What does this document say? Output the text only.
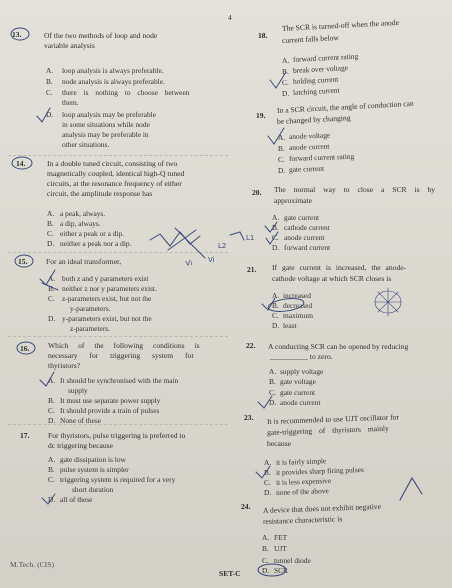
4
M.Tech. (CIS)
SET-C
13.	Of the two methods of loop and node
variable analysis
A. loop analysis is always preferable.
B. node analysis is always preferable.
C. there is nothing to choose between
them.
D. loop analysis may be preferable
in some situations while node
analysis may be preferable in
other situations.
14.	In a double tuned circuit, consisting of two
magnetically coupled, identical high-Q tuned
circuits, at the resonance frequency of either
circuit, the amplitude response has
A. a peak, always.
B. a dip, always.
C. either a peak or a dip.
D. neither a peak nor a dip.
15. For an ideal transformer,
A. both z and y parameters exist
B. neither z nor y parameters exist.
C. z-parameters exist, but not the
y-parameters.
D. y-parameters exist, but not the
z-parameters.
16. Which of the following conditions is
necessary for triggering system for
thyristors?
A. It should be synchronised with the main
supply
B. It must use separate power supply
C. It should provide a train of pulses
D. None of these
17. For thyristors, pulse triggering is preferred to
dc triggering because
A. gate dissipation is low
B. pulse system is simpler
C. triggering system is required for a very
short duration
D. all of these
18.
The SCR is turned-off when the anode
current falls below
A. forward current rating
B. break over voltage
C. holding current
D. latching current
19.
In a SCR circuit, the angle of conduction can
be changed by changing
A. anode voltage
B. anode current
C. forward current rating
D. gate current
20. The normal way to close a SCR is by
approximate
A. gate current
B. cathode current
C. anode current
D. forward current
21. If gate current is increased, the anode-
cathode voltage at which SCR closes is
A. increased
B. decreased
C. maximum
D. least
22. A conducting SCR can be opened by reducing
__________ to zero.
A. supply voltage
B. gate voltage
C. gate current
D. anode current
23. It is recommended to use UJT oscillator for
gate-triggering of thyristors mainly
because
A. it is fairly simple
B. it provides sharp firing pulses
C. it is less expensive
D. none of the above
24. A device that does not exhibit negative
resistance characteristic is
A. FET
B. UJT
C. tunnel diode
D. SCR
Vi Vi
L1
L2
